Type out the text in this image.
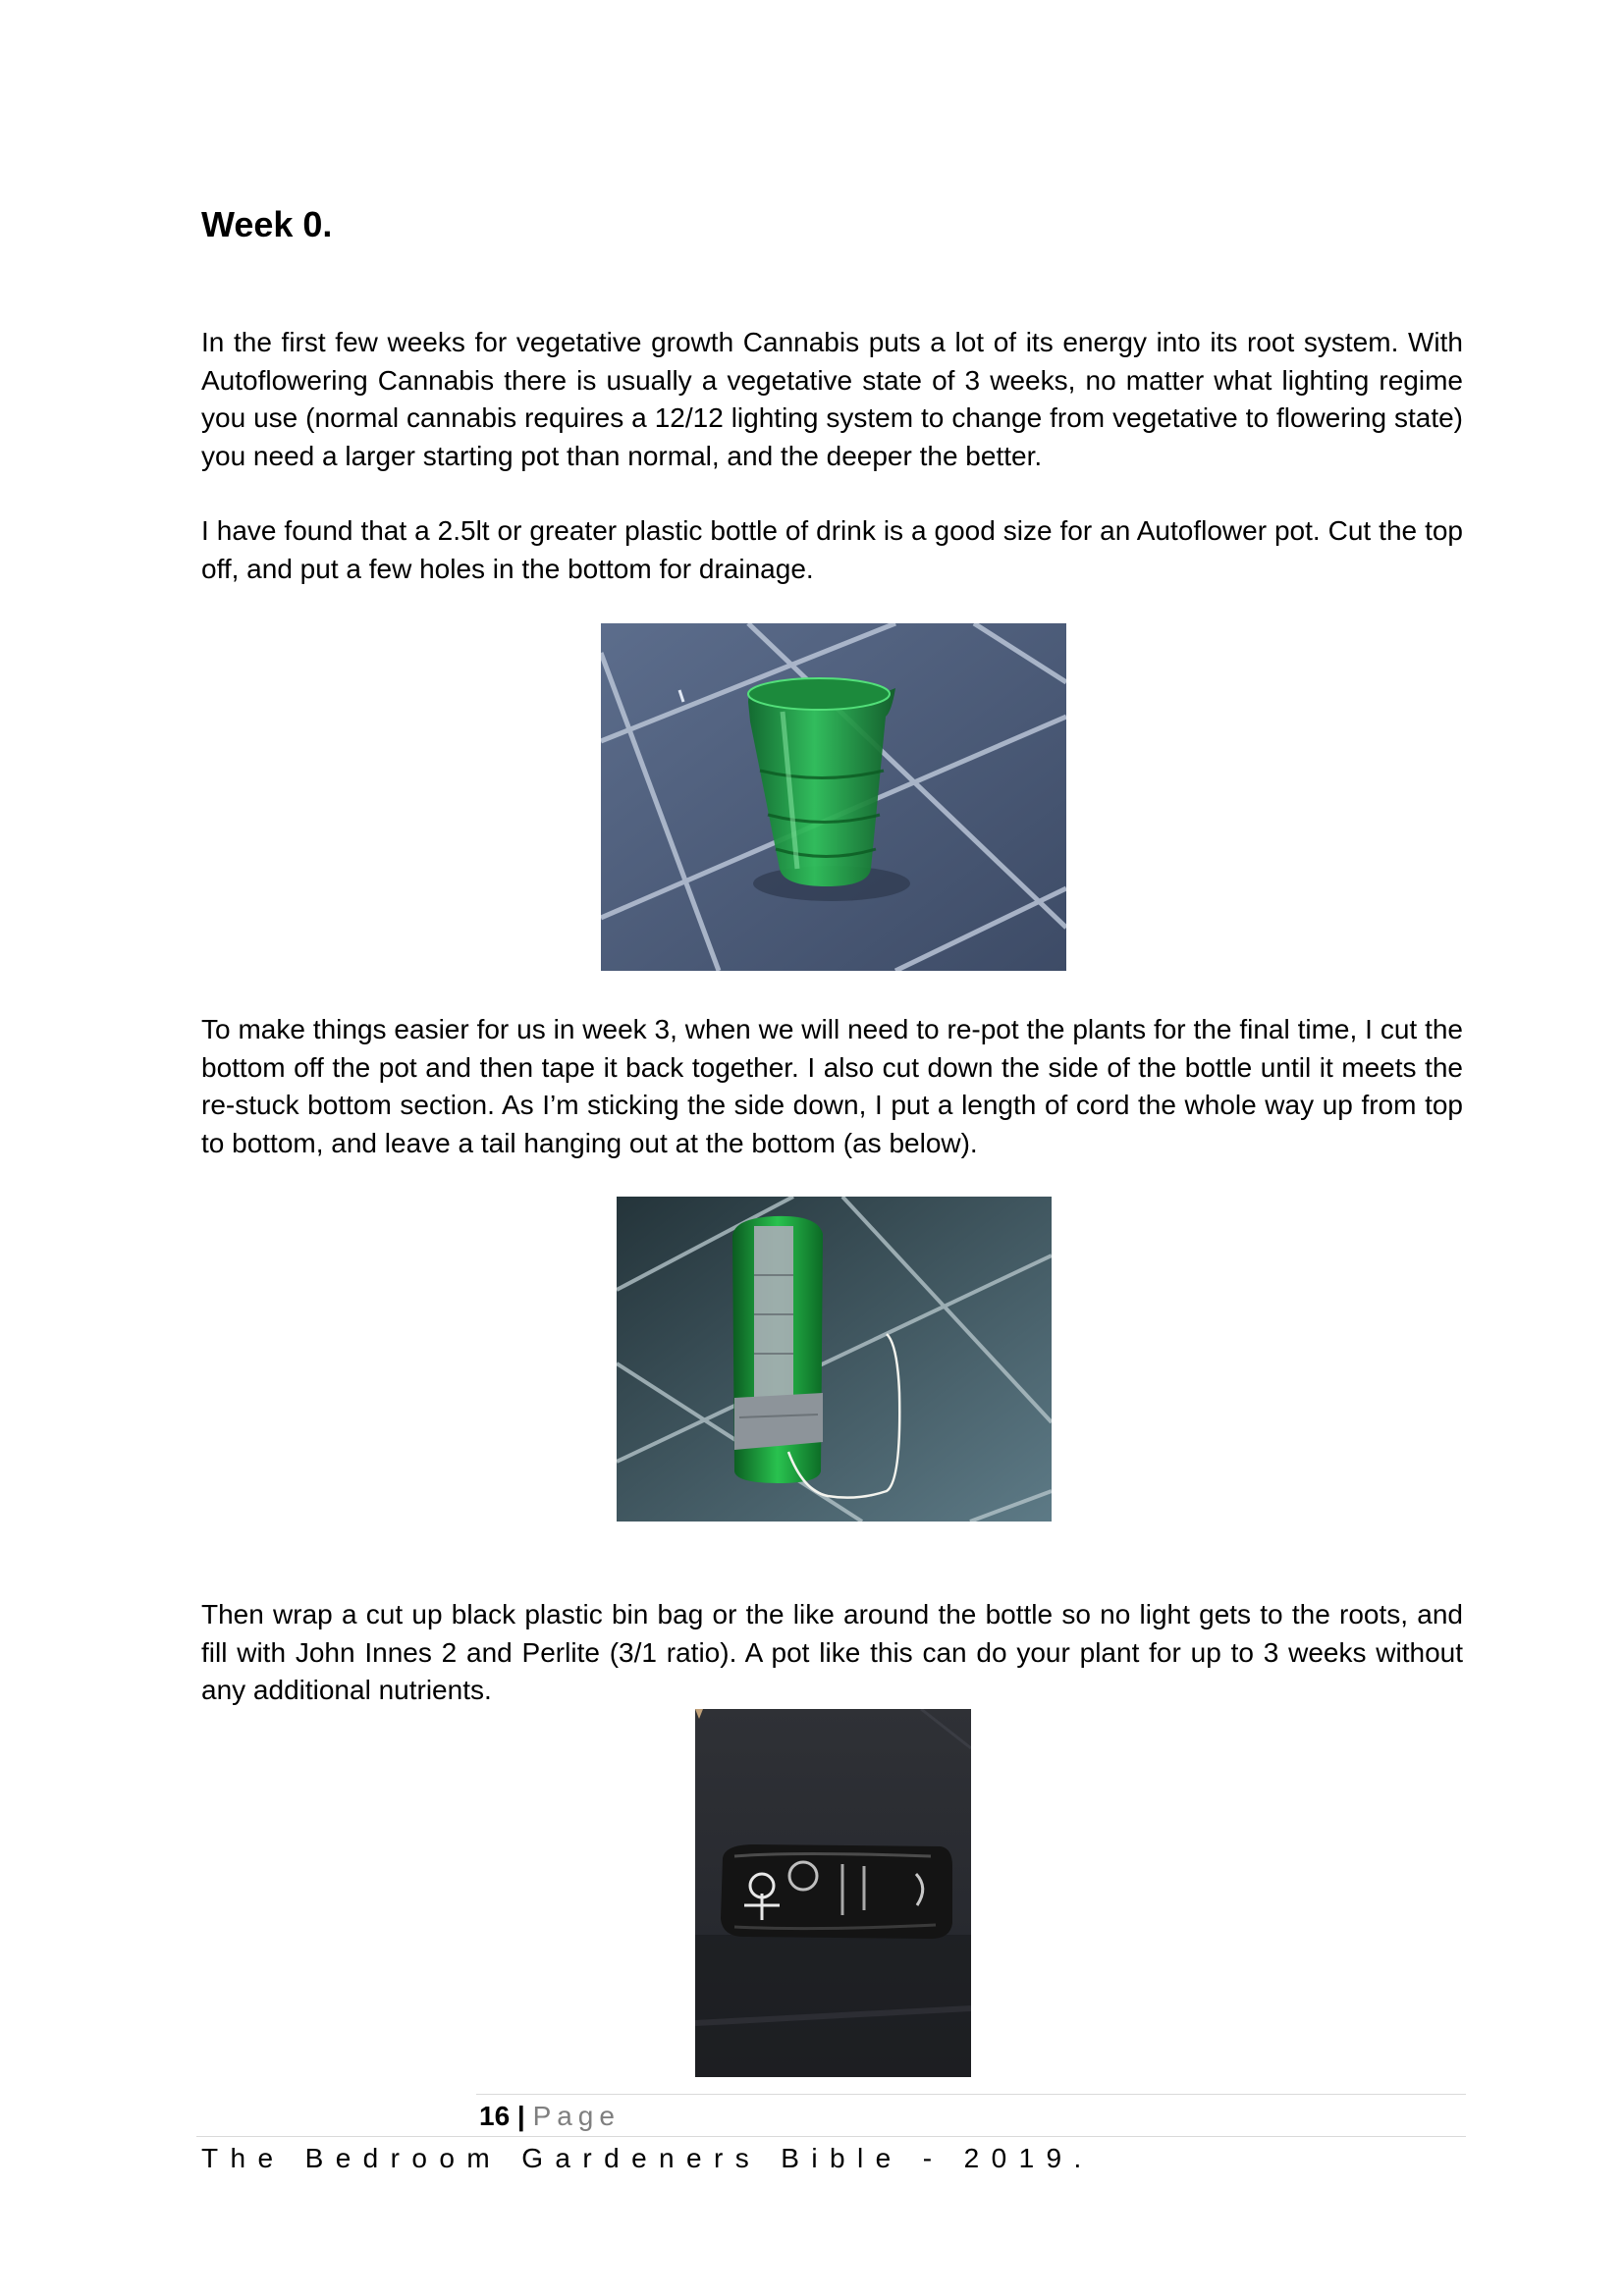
Week 0.

In the first few weeks for vegetative growth Cannabis puts a lot of its energy into its root system. With Autoflowering Cannabis there is usually a vegetative state of 3 weeks, no matter what lighting regime you use (normal cannabis requires a 12/12 lighting system to change from vegetative to flowering state) you need a larger starting pot than normal, and the deeper the better.

I have found that a 2.5lt or greater plastic bottle of drink is a good size for an Autoflower pot. Cut the top off, and put a few holes in the bottom for drainage.

To make things easier for us in week 3, when we will need to re-pot the plants for the final time, I cut the bottom off the pot and then tape it back together. I also cut down the side of the bottle until it meets the re-stuck bottom section. As I’m sticking the side down, I put a length of cord the whole way up from top to bottom, and leave a tail hanging out at the bottom (as below).

Then wrap a cut up black plastic bin bag or the like around the bottle so no light gets to the roots, and fill with John Innes 2 and Perlite (3/1 ratio). A pot like this can do your plant for up to 3 weeks without any additional nutrients.

16 | Page
The Bedroom Gardeners Bible - 2019.
